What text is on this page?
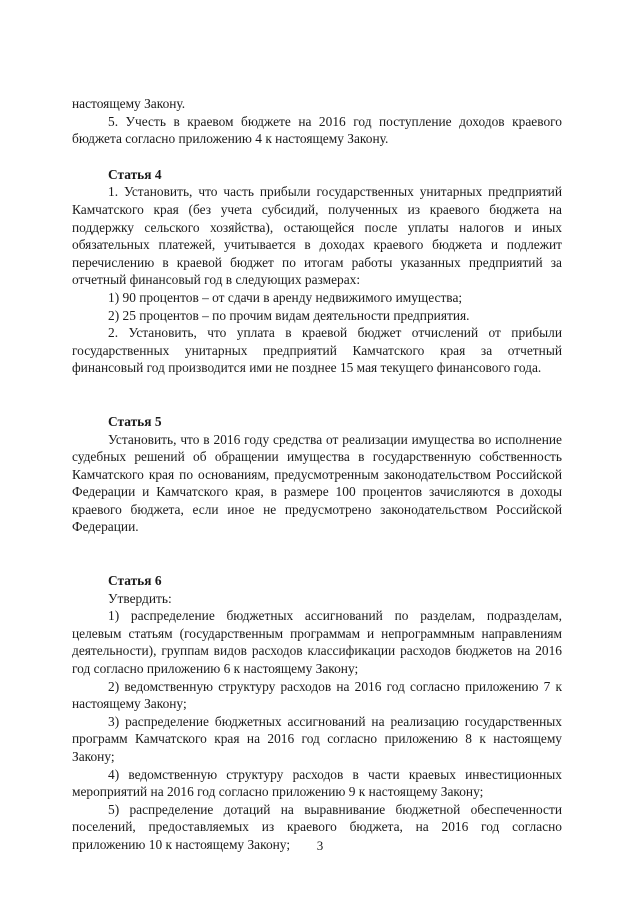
настоящему Закону.

5. Учесть в краевом бюджете на 2016 год поступление доходов краевого бюджета согласно приложению 4 к настоящему Закону.

Статья 4

1. Установить, что часть прибыли государственных унитарных предприятий Камчатского края (без учета субсидий, полученных из краевого бюджета на поддержку сельского хозяйства), остающейся после уплаты налогов и иных обязательных платежей, учитывается в доходах краевого бюджета и подлежит перечислению в краевой бюджет по итогам работы указанных предприятий за отчетный финансовый год в следующих размерах:

1) 90 процентов – от сдачи в аренду недвижимого имущества;

2) 25 процентов – по прочим видам деятельности предприятия.

2. Установить, что уплата в краевой бюджет отчислений от прибыли государственных унитарных предприятий Камчатского края за отчетный финансовый год производится ими не позднее 15 мая текущего финансового года.

Статья 5

Установить, что в 2016 году средства от реализации имущества во исполнение судебных решений об обращении имущества в государственную собственность Камчатского края по основаниям, предусмотренным законодательством Российской Федерации и Камчатского края, в размере 100 процентов зачисляются в доходы краевого бюджета, если иное не предусмотрено законодательством Российской Федерации.

Статья 6

Утвердить:

1) распределение бюджетных ассигнований по разделам, подразделам, целевым статьям (государственным программам и непрограммным направлениям деятельности), группам видов расходов классификации расходов бюджетов на 2016 год согласно приложению 6 к настоящему Закону;

2) ведомственную структуру расходов на 2016 год согласно приложению 7 к настоящему Закону;

3) распределение бюджетных ассигнований на реализацию государственных программ Камчатского края на 2016 год согласно приложению 8 к настоящему Закону;

4) ведомственную структуру расходов в части краевых инвестиционных мероприятий на 2016 год согласно приложению 9 к настоящему Закону;

5) распределение дотаций на выравнивание бюджетной обеспеченности поселений, предоставляемых из краевого бюджета, на 2016 год согласно приложению 10 к настоящему Закону;	3
